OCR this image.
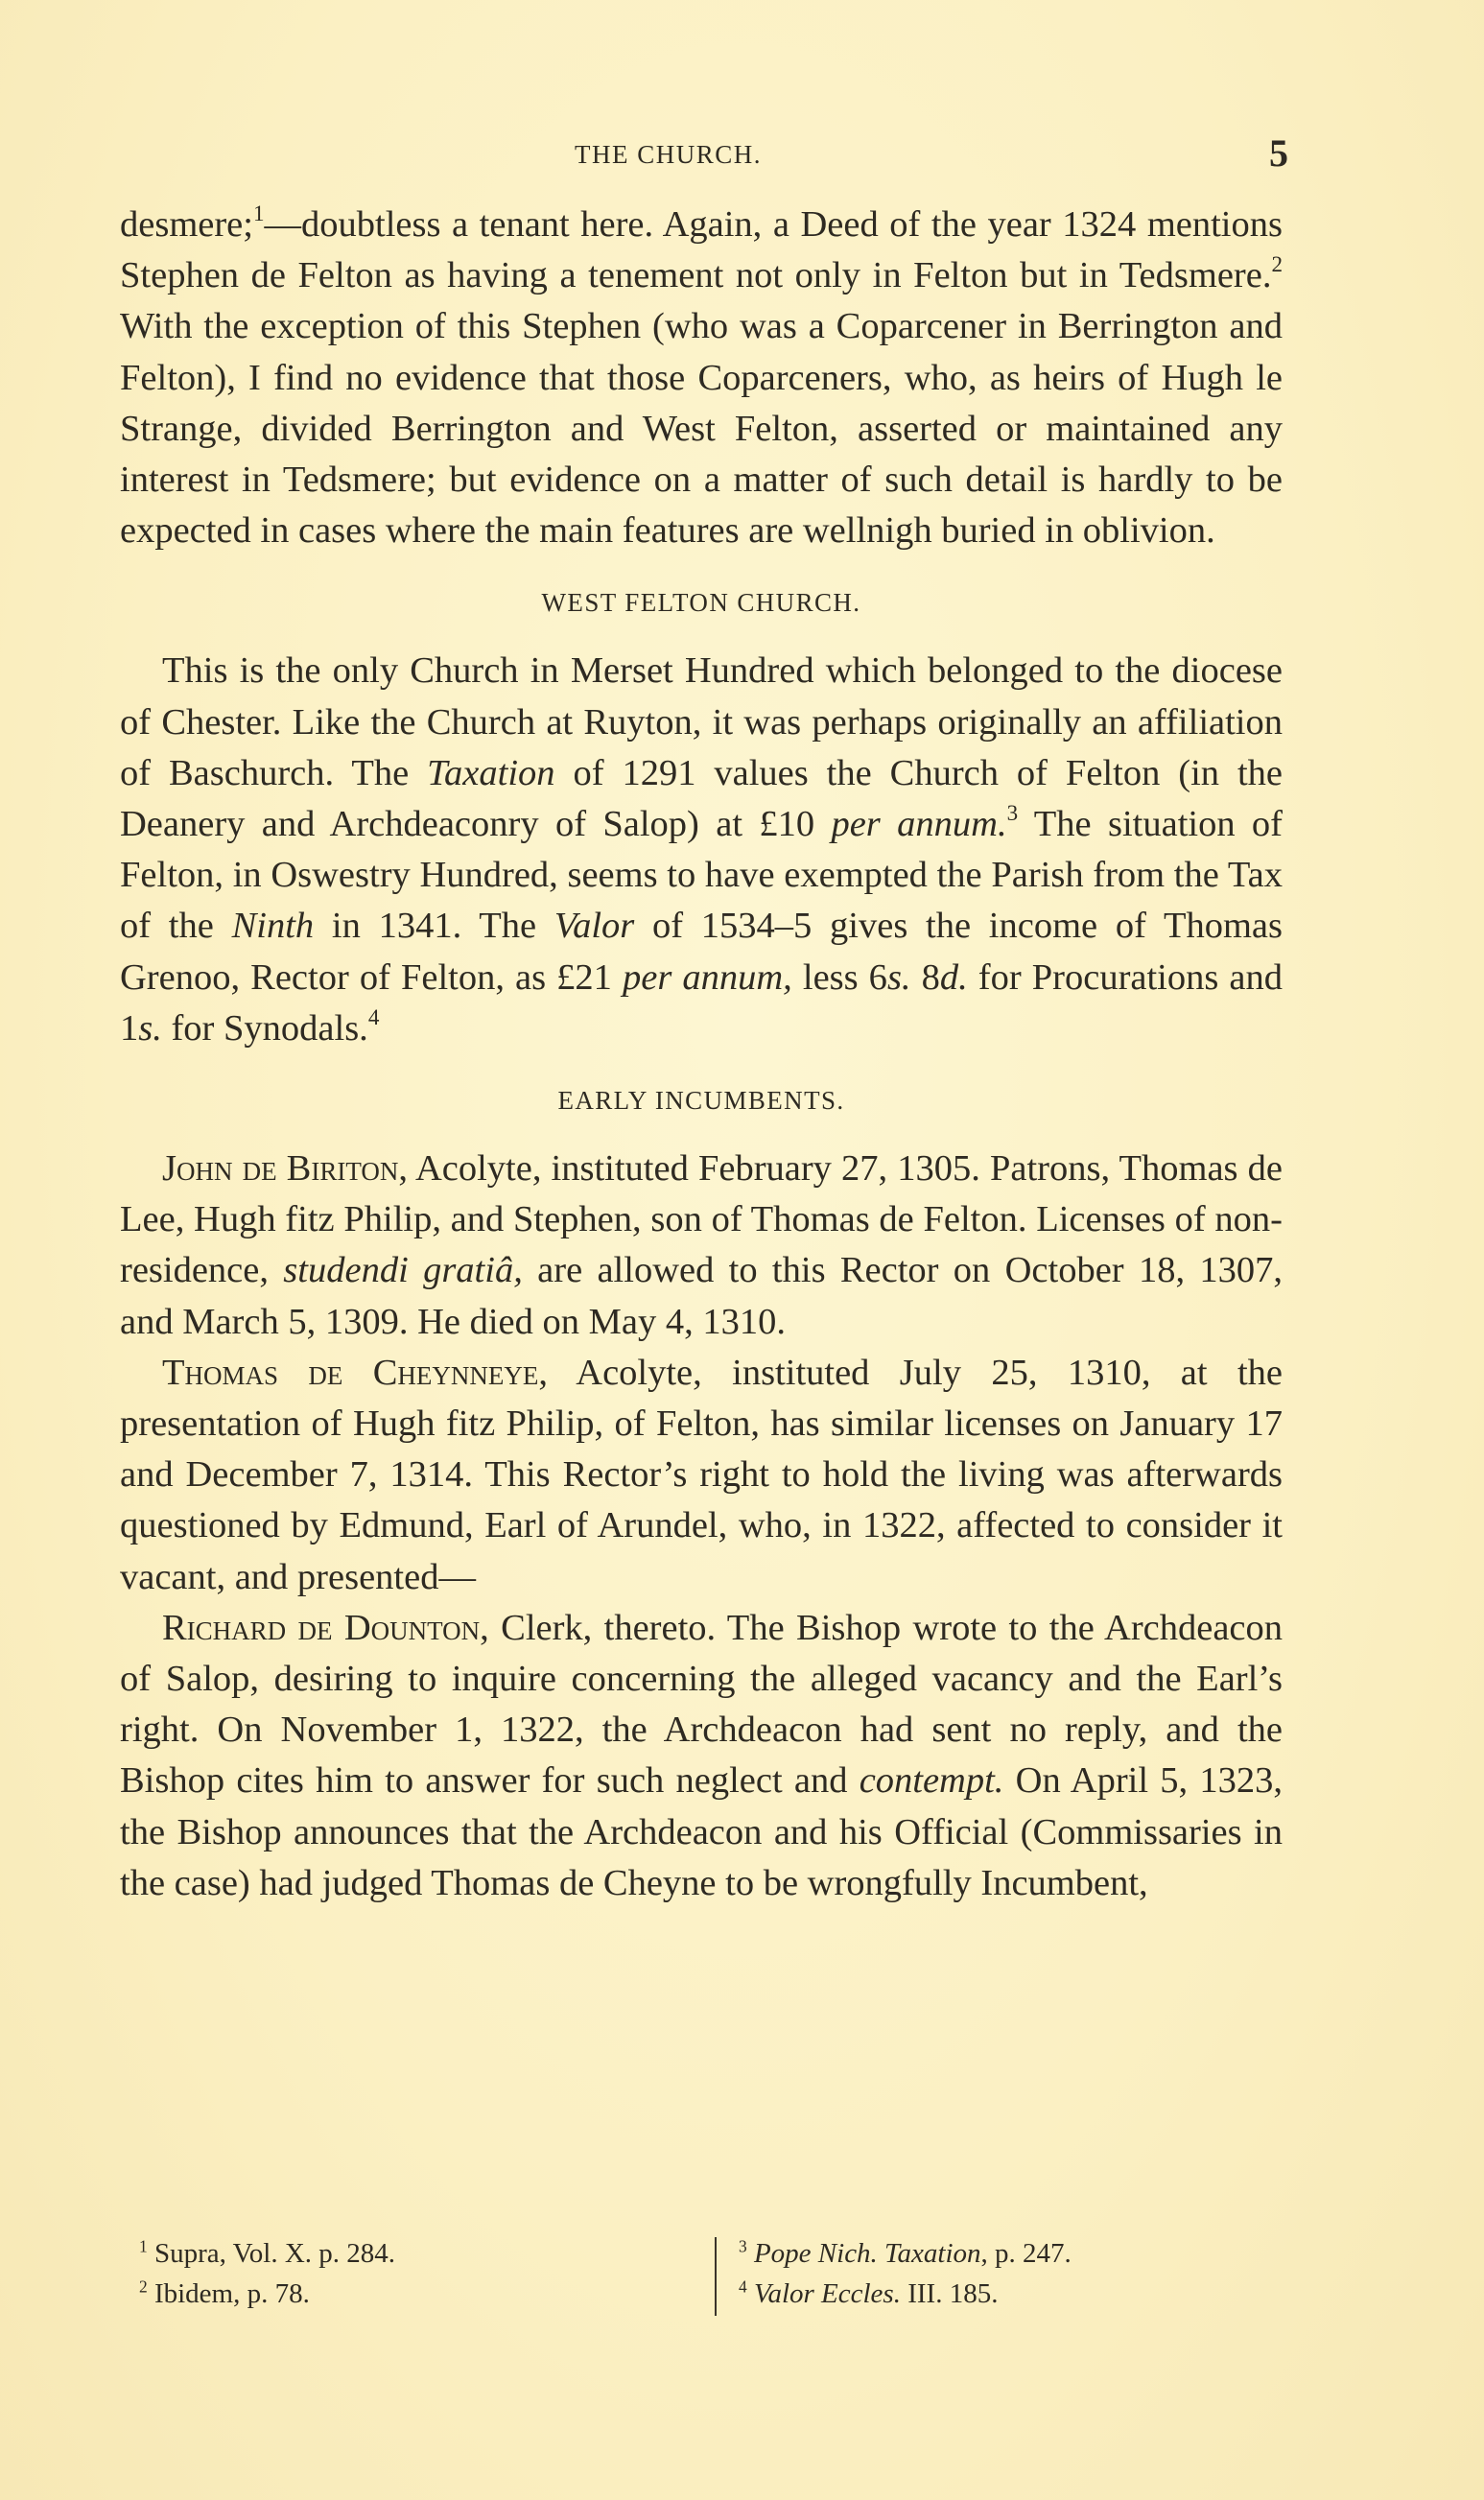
THE CHURCH.	5

desmere;$^1$—doubtless a tenant here. Again, a Deed of the year 1324 mentions Stephen de Felton as having a tenement not only in Felton but in Tedsmere.$^2$ With the exception of this Stephen (who was a Coparcener in Berrington and Felton), I find no evidence that those Coparceners, who, as heirs of Hugh le Strange, divided Berrington and West Felton, asserted or maintained any interest in Tedsmere; but evidence on a matter of such detail is hardly to be expected in cases where the main features are wellnigh buried in oblivion.

WEST FELTON CHURCH.

This is the only Church in Merset Hundred which belonged to the diocese of Chester. Like the Church at Ruyton, it was perhaps originally an affiliation of Baschurch. The Taxation of 1291 values the Church of Felton (in the Deanery and Archdeaconry of Salop) at £10 per annum.$^3$ The situation of Felton, in Oswestry Hundred, seems to have exempted the Parish from the Tax of the Ninth in 1341. The Valor of 1534–5 gives the income of Thomas Grenoo, Rector of Felton, as £21 per annum, less 6s. 8d. for Procurations and 1s. for Synodals.$^4$

EARLY INCUMBENTS.

John de Biriton, Acolyte, instituted February 27, 1305. Patrons, Thomas de Lee, Hugh fitz Philip, and Stephen, son of Thomas de Felton. Licenses of non-residence, studendi gratiâ, are allowed to this Rector on October 18, 1307, and March 5, 1309. He died on May 4, 1310.

Thomas de Cheynneye, Acolyte, instituted July 25, 1310, at the presentation of Hugh fitz Philip, of Felton, has similar licenses on January 17 and December 7, 1314. This Rector’s right to hold the living was afterwards questioned by Edmund, Earl of Arundel, who, in 1322, affected to consider it vacant, and presented—

Richard de Dounton, Clerk, thereto. The Bishop wrote to the Archdeacon of Salop, desiring to inquire concerning the alleged vacancy and the Earl’s right. On November 1, 1322, the Archdeacon had sent no reply, and the Bishop cites him to answer for such neglect and contempt. On April 5, 1323, the Bishop announces that the Archdeacon and his Official (Commissaries in the case) had judged Thomas de Cheyne to be wrongfully Incumbent,

$^1$ Supra, Vol. X. p. 284.
$^2$ Ibidem, p. 78.
$^3$ Pope Nich. Taxation, p. 247.
$^4$ Valor Eccles. III. 185.
